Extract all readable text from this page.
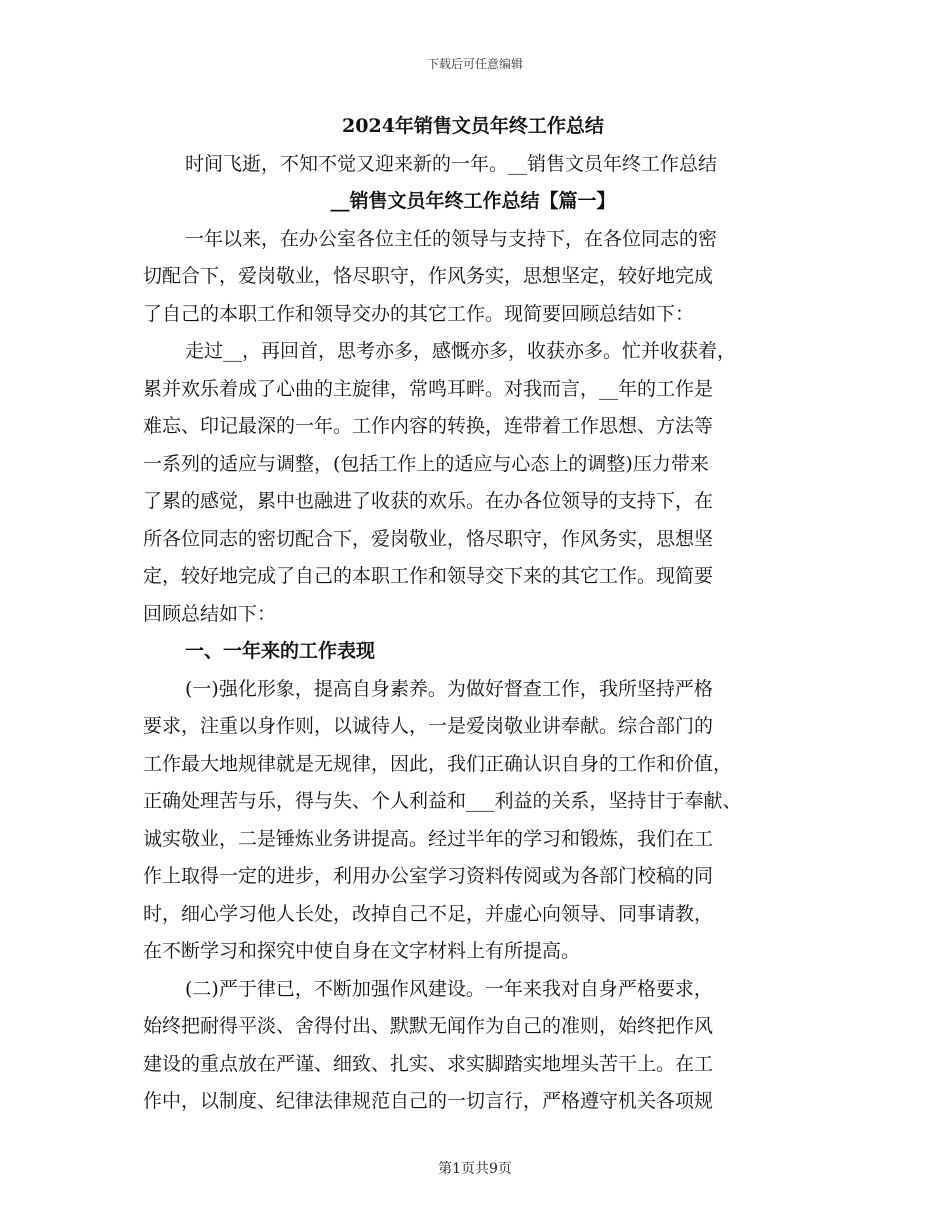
下载后可任意编辑
2024年销售文员年终工作总结
时间飞逝，不知不觉又迎来新的一年。__销售文员年终工作总结
__销售文员年终工作总结【篇一】
一年以来，在办公室各位主任的领导与支持下，在各位同志的密
切配合下，爱岗敬业，恪尽职守，作风务实，思想坚定，较好地完成
了自己的本职工作和领导交办的其它工作。现简要回顾总结如下：
走过__，再回首，思考亦多，感慨亦多，收获亦多。忙并收获着，
累并欢乐着成了心曲的主旋律，常鸣耳畔。对我而言，__年的工作是
难忘、印记最深的一年。工作内容的转换，连带着工作思想、方法等
一系列的适应与调整，(包括工作上的适应与心态上的调整)压力带来
了累的感觉，累中也融进了收获的欢乐。在办各位领导的支持下，在
所各位同志的密切配合下，爱岗敬业，恪尽职守，作风务实，思想坚
定，较好地完成了自己的本职工作和领导交下来的其它工作。现简要
回顾总结如下：
一、一年来的工作表现
(一)强化形象，提高自身素养。为做好督查工作，我所坚持严格
要求，注重以身作则，以诚待人，一是爱岗敬业讲奉献。综合部门的
工作最大地规律就是无规律，因此，我们正确认识自身的工作和价值，
正确处理苦与乐，得与失、个人利益和___利益的关系，坚持甘于奉献、
诚实敬业，二是锤炼业务讲提高。经过半年的学习和锻炼，我们在工
作上取得一定的进步，利用办公室学习资料传阅或为各部门校稿的同
时，细心学习他人长处，改掉自己不足，并虚心向领导、同事请教，
在不断学习和探究中使自身在文字材料上有所提高。
(二)严于律已，不断加强作风建设。一年来我对自身严格要求，
始终把耐得平淡、舍得付出、默默无闻作为自己的准则，始终把作风
建设的重点放在严谨、细致、扎实、求实脚踏实地埋头苦干上。在工
作中，以制度、纪律法律规范自己的一切言行，严格遵守机关各项规
第1页共9页
